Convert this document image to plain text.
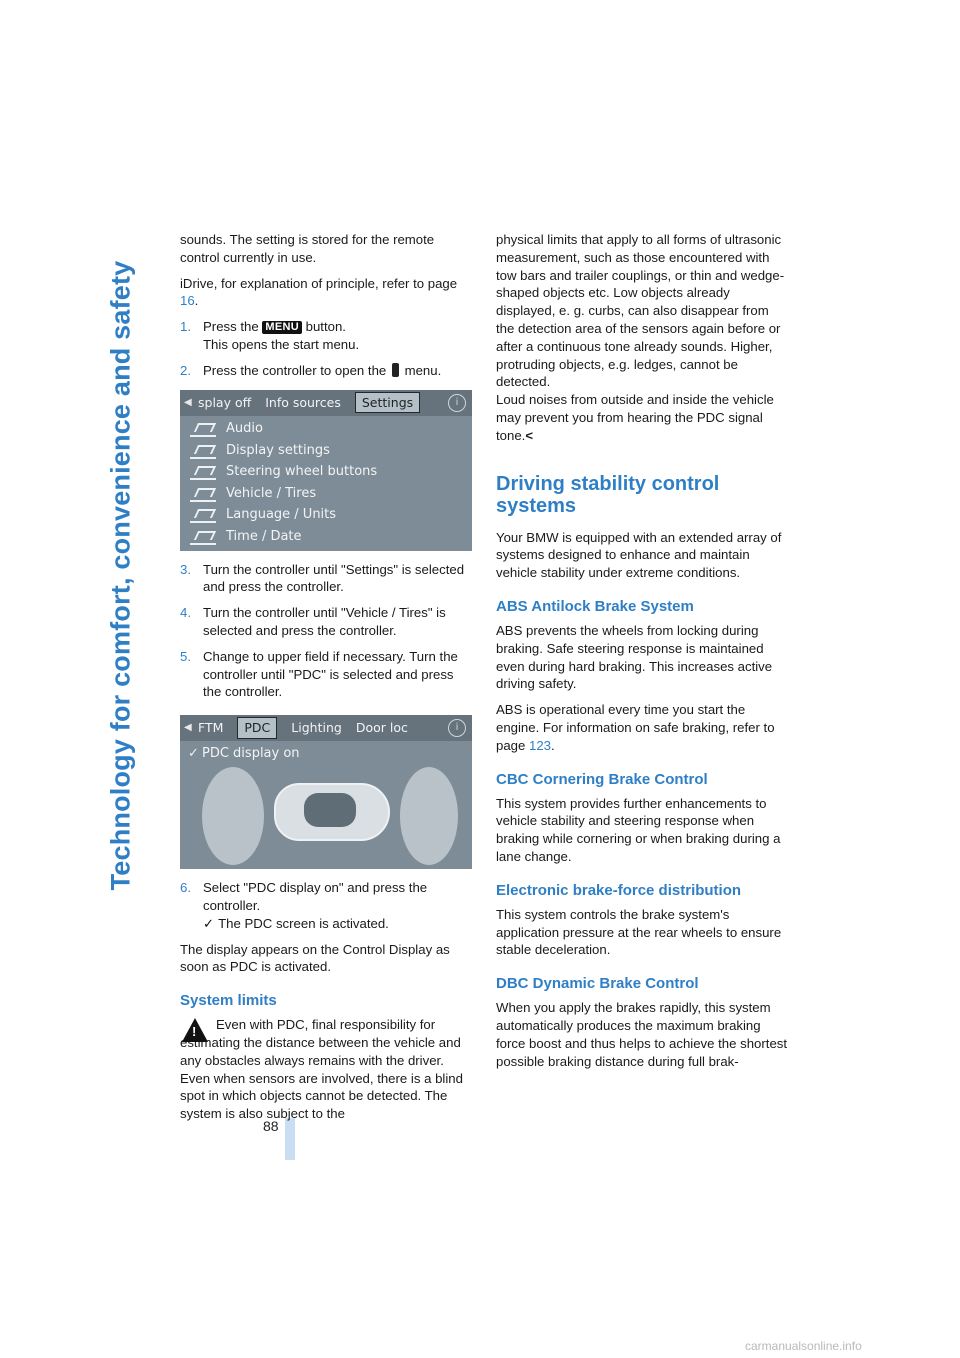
Technology for comfort, convenience and safety
88

sounds. The setting is stored for the remote control currently in use.

iDrive, for explanation of principle, refer to page 16.

1. Press the MENU button.
This opens the start menu.
2. Press the controller to open the  menu.
◀ splay off Info sources	Settings	i
Audio
Display settings
Steering wheel buttons
Vehicle / Tires
Language / Units
Time / Date
3. Turn the controller until "Settings" is selected and press the controller.
4. Turn the controller until "Vehicle / Tires" is selected and press the controller.
5. Change to upper field if necessary. Turn the controller until "PDC" is selected and press the controller.
◀ FTM	PDC	Lighting Door loc	i
✓ PDC display on
6. Select "PDC display on" and press the controller.
✓ The PDC screen is activated.

The display appears on the Control Display as soon as PDC is activated.

System limits
!
Even with PDC, final responsibility for estimating the distance between the vehicle and any obstacles always remains with the driver. Even when sensors are involved, there is a blind spot in which objects cannot be detected. The system is also subject to the

physical limits that apply to all forms of ultrasonic measurement, such as those encountered with tow bars and trailer couplings, or thin and wedge-shaped objects etc. Low objects already displayed, e. g. curbs, can also disappear from the detection area of the sensors again before or after a continuous tone already sounds. Higher, protruding objects, e.g. ledges, cannot be detected.

Loud noises from outside and inside the vehicle may prevent you from hearing the PDC signal tone.<

Driving stability control systems

Your BMW is equipped with an extended array of systems designed to enhance and maintain vehicle stability under extreme conditions.

ABS Antilock Brake System

ABS prevents the wheels from locking during braking. Safe steering response is maintained even during hard braking. This increases active driving safety.

ABS is operational every time you start the engine. For information on safe braking, refer to page 123.

CBC Cornering Brake Control

This system provides further enhancements to vehicle stability and steering response when braking while cornering or when braking during a lane change.

Electronic brake-force distribution

This system controls the brake system's application pressure at the rear wheels to ensure stable deceleration.

DBC Dynamic Brake Control

When you apply the brakes rapidly, this system automatically produces the maximum braking force boost and thus helps to achieve the shortest possible braking distance during full brak-

carmanualsonline.info
